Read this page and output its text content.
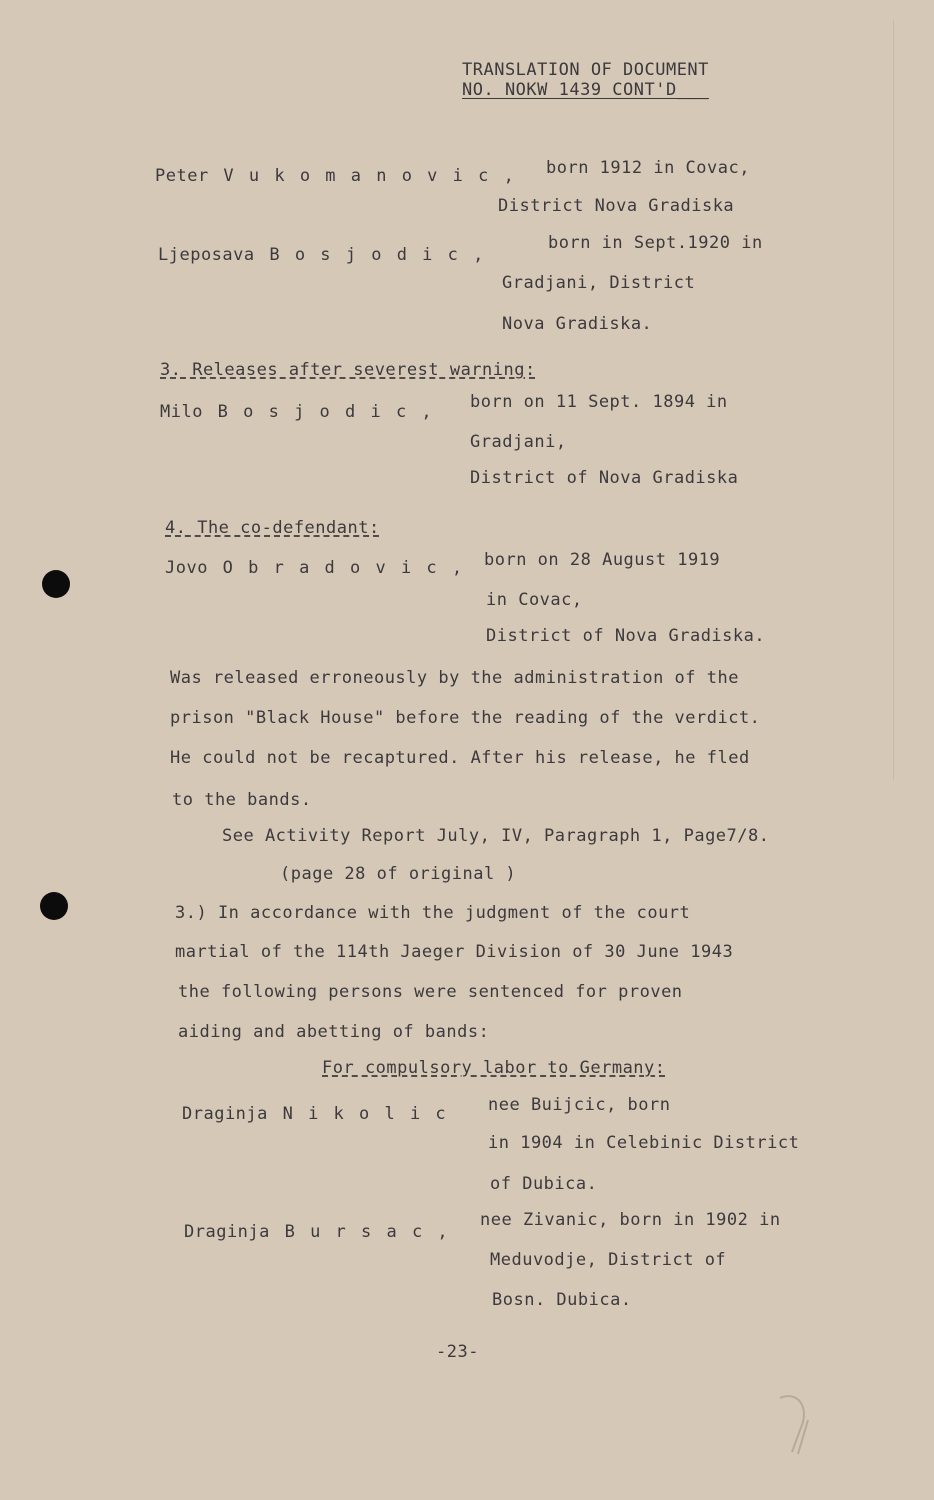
TRANSLATION OF DOCUMENT
NO. NOKW 1439 CONT'D___
Peter V u k o m a n o v i c , born 1912 in Covac,
District Nova Gradiska
Ljeposava B o s j o d i c ,
born in Sept.1920 in
Gradjani, District
Nova Gradiska.
3. Releases after severest warning:
Milo B o s j o d i c , born on 11 Sept. 1894 in
Gradjani,
District of Nova Gradiska
4. The co-defendant:
Jovo O b r a d o v i c , born on 28 August 1919
in Covac,
District of Nova Gradiska.
Was released erroneously by the administration of the
prison "Black House" before the reading of the verdict.
He could not be recaptured. After his release, he fled
to the bands.
See Activity Report July, IV, Paragraph 1, Page7/8.
(page 28 of original )
3.) In accordance with the judgment of the court
martial of the 114th Jaeger Division of 30 June 1943
the following persons were sentenced for proven
aiding and abetting of bands:
For compulsory labor to Germany:
Draginja N i k o l i c nee Buijcic, born
in 1904 in Celebinic District
of Dubica.
Draginja B u r s a c ,
nee Zivanic, born in 1902 in
Meduvodje, District of
Bosn. Dubica.
-23-
